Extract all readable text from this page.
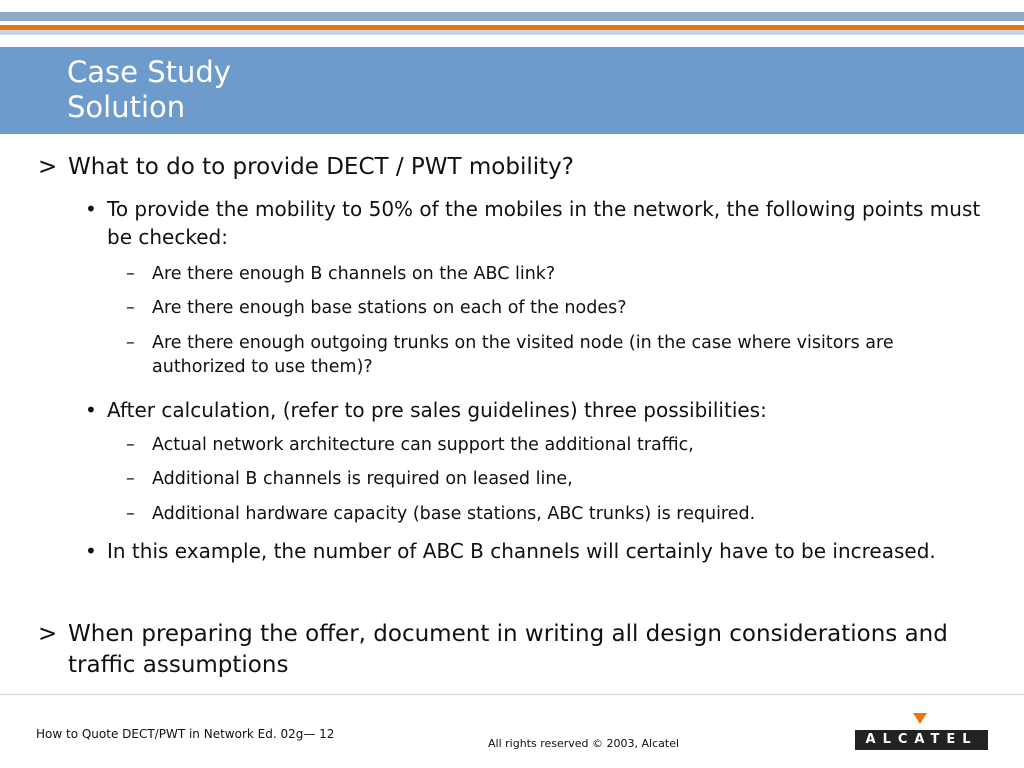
Case Study
Solution
> What to do to provide DECT / PWT mobility?
• To provide the mobility to 50% of the mobiles in the network, the following points must be checked:
– Are there enough B channels on the ABC link?
– Are there enough base stations on each of the nodes?
– Are there enough outgoing trunks on the visited node (in the case where visitors are authorized to use them)?
• After calculation, (refer to pre sales guidelines) three possibilities:
– Actual network architecture can support the additional traffic,
– Additional B channels is required on leased line,
– Additional hardware capacity (base stations, ABC trunks) is required.
• In this example, the number of ABC B channels will certainly have to be increased.
> When preparing the offer, document in writing all design considerations and traffic assumptions
How to Quote DECT/PWT in Network Ed. 02g— 12
All rights reserved © 2003, Alcatel	ALCATEL
